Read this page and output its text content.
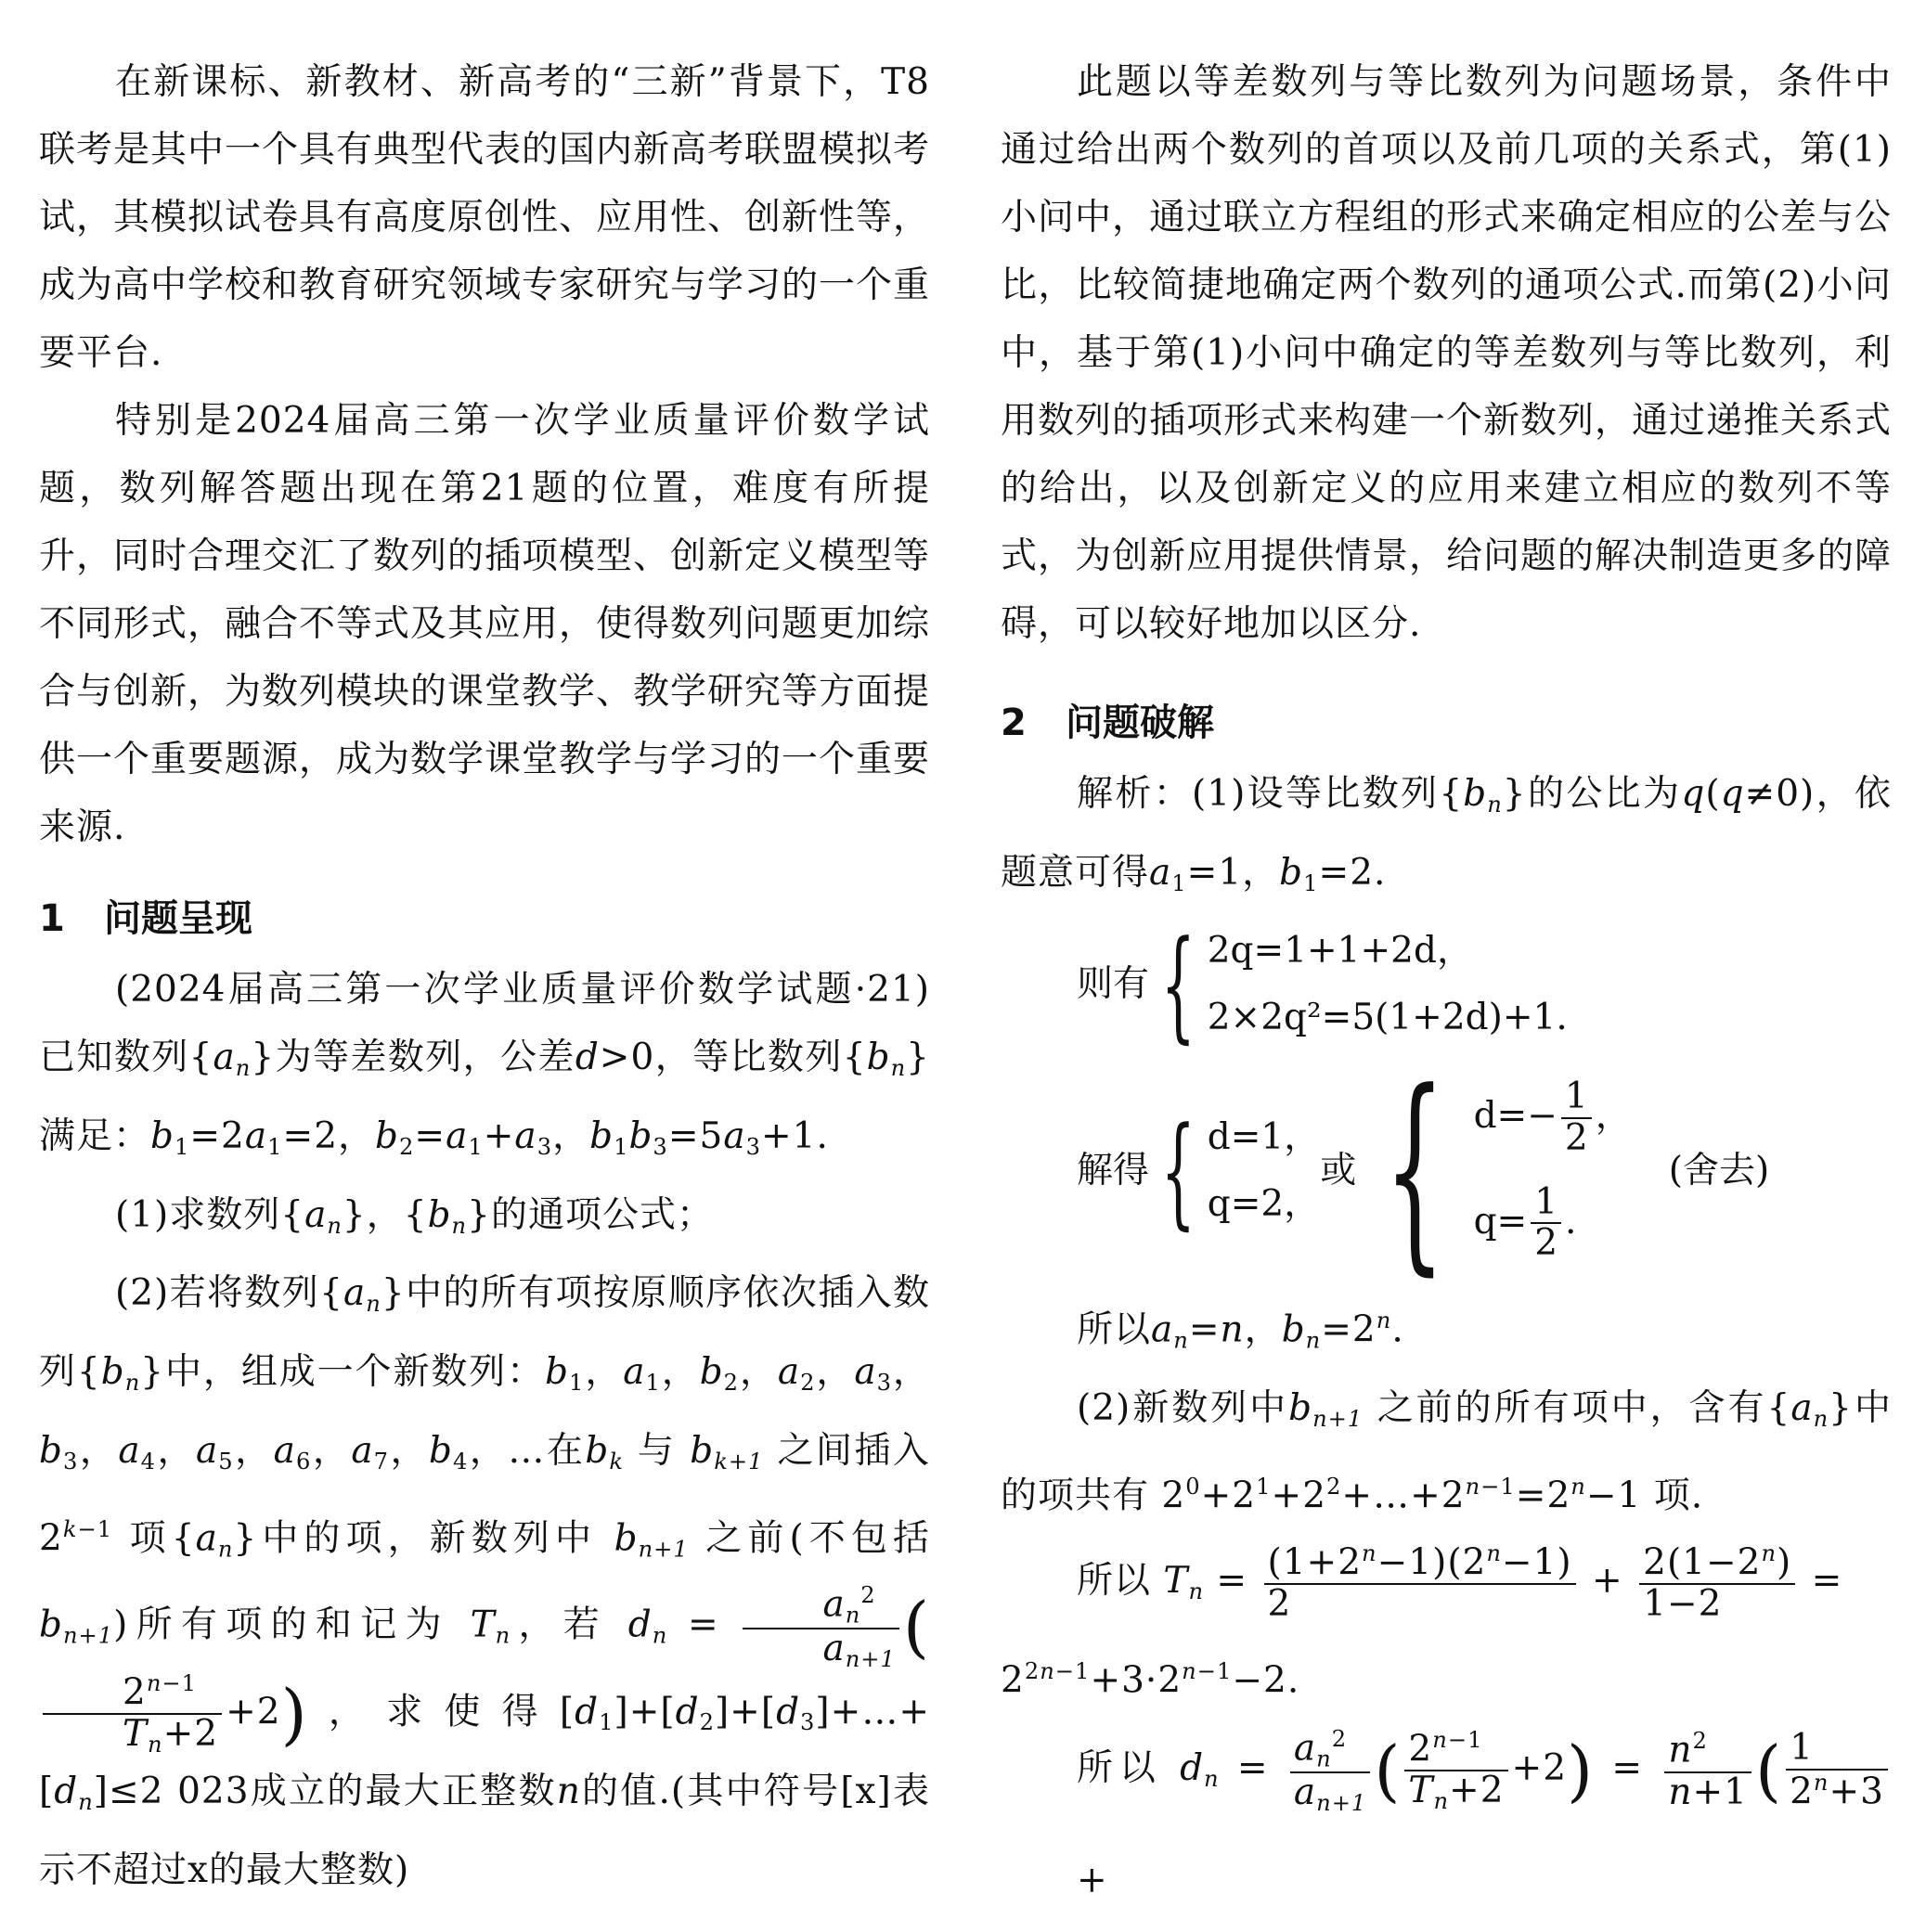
在新课标、新教材、新高考的“三新”背景下，T8联考是其中一个具有典型代表的国内新高考联盟模拟考试，其模拟试卷具有高度原创性、应用性、创新性等，成为高中学校和教育研究领域专家研究与学习的一个重要平台.

特别是2024届高三第一次学业质量评价数学试题，数列解答题出现在第21题的位置，难度有所提升，同时合理交汇了数列的插项模型、创新定义模型等不同形式，融合不等式及其应用，使得数列问题更加综合与创新，为数列模块的课堂教学、教学研究等方面提供一个重要题源，成为数学课堂教学与学习的一个重要来源.

1 问题呈现

(2024届高三第一次学业质量评价数学试题·21)已知数列$\{a_n\}$为等差数列，公差d>0，等比数列$\{b_n\}$满足：b1=2a1=2，b2=a1+a3，b1b3=5a3+1.

(1)求数列$\{a_n\}$，$\{b_n\}$的通项公式；

(2)若将数列$\{a_n\}$中的所有项按原顺序依次插入数列$\{b_n\}$中，组成一个新数列：b1，a1，b2，a2，a3，b3，a4，a5，a6，a7，b4，…在$b_k$ 与 $b_{k+1}$ 之间插入 $2^{k-1}$ 项$\{a_n\}$中的项，新数列中 $b_{n+1}$ 之前(不包括 $b_{n+1}$)所有项的和记为 $T_n$，若 $d_n = \frac{a_n^2}{a_{n+1}}$ (
$\frac{2^{n-1}}{T_n+2} +2$)，求使得$[d1]+[d2]+[d3]+\dots+[d_n]\le 2$ 023成立的最大正整数n的值.(其中符号[x]表示不超过x的最大整数)

此题以等差数列与等比数列为问题场景，条件中通过给出两个数列的首项以及前几项的关系式，第(1)小问中，通过联立方程组的形式来确定相应的公差与公比，比较简捷地确定两个数列的通项公式.而第(2)小问中，基于第(1)小问中确定的等差数列与等比数列，利用数列的插项形式来构建一个新数列，通过递推关系式的给出，以及创新定义的应用来建立相应的数列不等式，为创新应用提供情景，给问题的解决制造更多的障碍，可以较好地加以区分.

2 问题破解

解析：(1)设等比数列$\{b_n\}$的公比为q(q≠0)，依题意可得a1=1，b1=2.

则有 { 2q=1+1+2d，
2×2q²=5(1+2d)+1.
解得 { d=1，
q=2，
或 { $d=- \frac{1}{2}$ ，
$q= \frac{1}{2}$ .
(舍去)

所以$a_n=n$，$b_n=2^n$.

(2)新数列中$b_{n+1}$ 之前的所有项中，含有$\{a_n\}$中的项共有 $2^0+2^1+2^2+\dots+2^{n-1}=2^n-1$ 项.

所以 $T_n = \frac{(1+2^n-1)(2^n-1)}{2} + \frac{2(1-2^n)}{1-2}$ =

$2^{2n-1}+3\cdot 2^{n-1}-2$.

所以 $d_n = \frac{a_n^2}{a_{n+1}}$ ( $\frac{2^{n-1}}{T_n+2} +2) = \frac{n^2}{n+1}$ ( $\frac{1}{2^n+3}$
+
